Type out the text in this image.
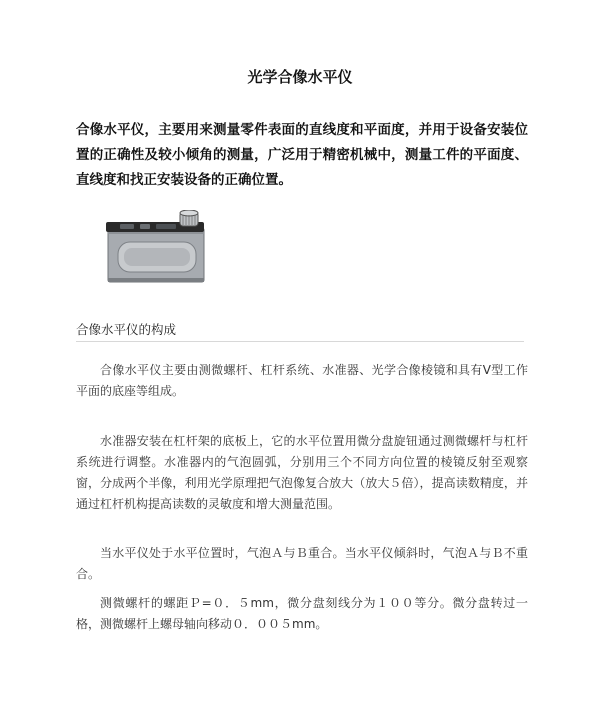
光学合像水平仪
合像水平仪，主要用来测量零件表面的直线度和平面度，并用于设备安装位置的正确性及较小倾角的测量，广泛用于精密机械中，测量工件的平面度、直线度和找正安装设备的正确位置。
合像水平仪的构成

合像水平仪主要由测微螺杆、杠杆系统、水准器、光学合像棱镜和具有Ⅴ型工作平面的底座等组成。

水准器安装在杠杆架的底板上，它的水平位置用微分盘旋钮通过测微螺杆与杠杆系统进行调整。水准器内的气泡圆弧，分别用三个不同方向位置的棱镜反射至观察窗，分成两个半像，利用光学原理把气泡像复合放大（放大５倍），提高读数精度，并通过杠杆机构提高读数的灵敏度和增大测量范围。

当水平仪处于水平位置时，气泡Ａ与Ｂ重合。当水平仪倾斜时，气泡Ａ与Ｂ不重合。

测微螺杆的螺距Ｐ=０．５mm，微分盘刻线分为１００等分。微分盘转过一格，测微螺杆上螺母轴向移动０．００５mm。
